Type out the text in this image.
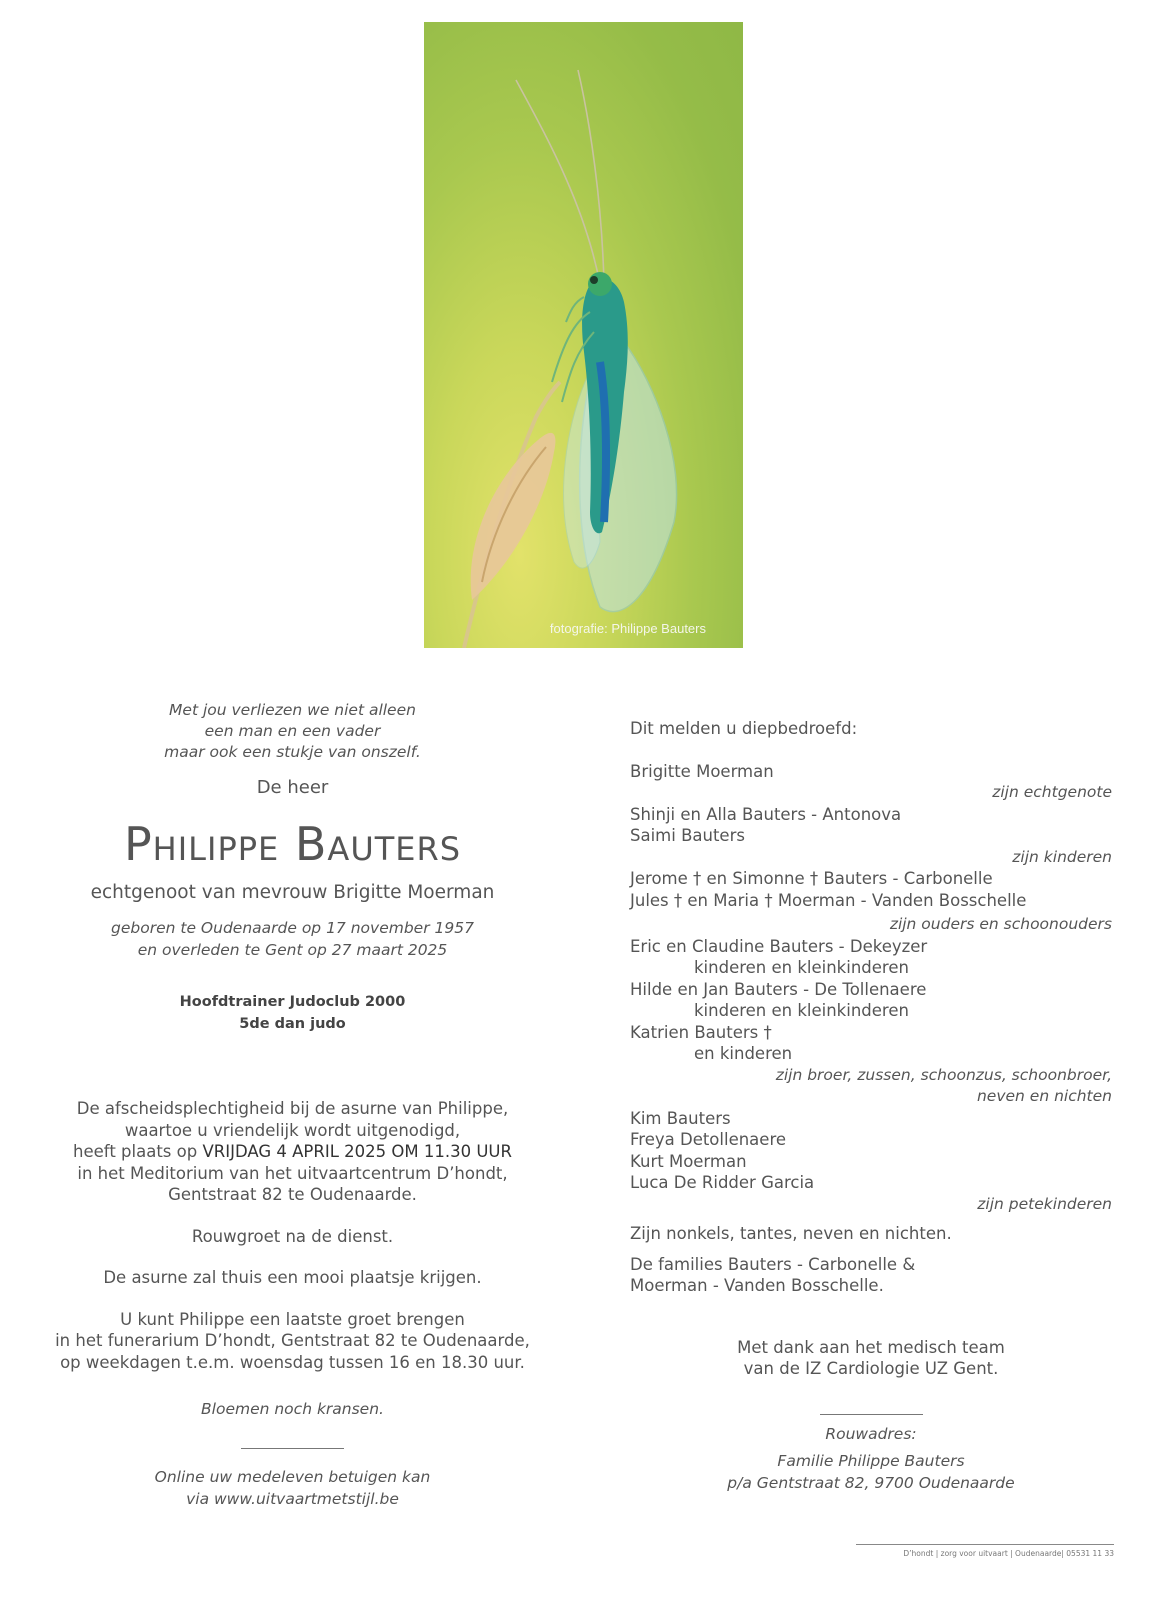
fotografie: Philippe Bauters
Met jou verliezen we niet alleen
een man en een vader
maar ook een stukje van onszelf.
De heer
Philippe Bauters
echtgenoot van mevrouw Brigitte Moerman
geboren te Oudenaarde op 17 november 1957
en overleden te Gent op 27 maart 2025
Hoofdtrainer Judoclub 2000
5de dan judo
De afscheidsplechtigheid bij de asurne van Philippe,
waartoe u vriendelijk wordt uitgenodigd,
heeft plaats op VRIJDAG 4 APRIL 2025 OM 11.30 UUR
in het Meditorium van het uitvaartcentrum D’hondt,
Gentstraat 82 te Oudenaarde.
Rouwgroet na de dienst.
De asurne zal thuis een mooi plaatsje krijgen.
U kunt Philippe een laatste groet brengen
in het funerarium D’hondt, Gentstraat 82 te Oudenaarde,
op weekdagen t.e.m. woensdag tussen 16 en 18.30 uur.
Bloemen noch kransen.
Online uw medeleven betuigen kan
via www.uitvaartmetstijl.be
Dit melden u diepbedroefd:
Brigitte Moerman
zijn echtgenote
Shinji en Alla Bauters - Antonova
Saimi Bauters
zijn kinderen
Jerome † en Simonne † Bauters - Carbonelle
Jules † en Maria † Moerman - Vanden Bosschelle
zijn ouders en schoonouders
Eric en Claudine Bauters - Dekeyzer
kinderen en kleinkinderen
Hilde en Jan Bauters - De Tollenaere
kinderen en kleinkinderen
Katrien Bauters †
en kinderen
zijn broer, zussen, schoonzus, schoonbroer,
neven en nichten
Kim Bauters
Freya Detollenaere
Kurt Moerman
Luca De Ridder Garcia
zijn petekinderen
Zijn nonkels, tantes, neven en nichten.
De families Bauters - Carbonelle &
Moerman - Vanden Bosschelle.
Met dank aan het medisch team
van de IZ Cardiologie UZ Gent.
Rouwadres:
Familie Philippe Bauters
p/a Gentstraat 82, 9700 Oudenaarde
D’hondt | zorg voor uitvaart | Oudenaarde| 05531 11 33
